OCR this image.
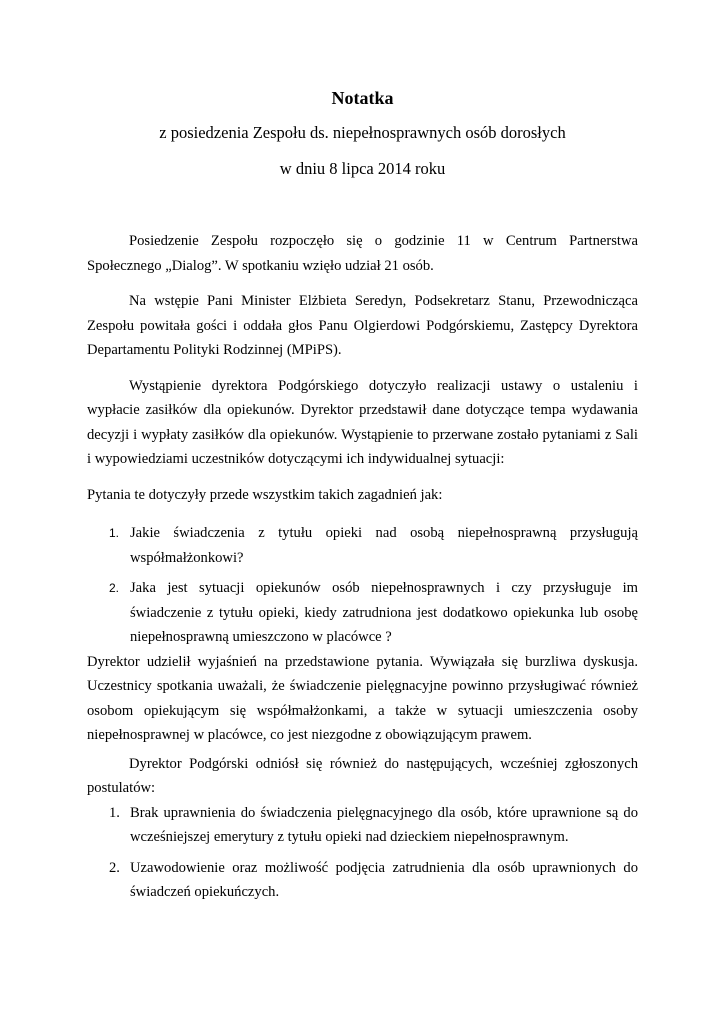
Notatka
z posiedzenia Zespołu ds. niepełnosprawnych osób dorosłych
w dniu 8 lipca 2014 roku

Posiedzenie Zespołu rozpoczęło się o godzinie 11 w Centrum Partnerstwa Społecznego „Dialog”. W spotkaniu wzięło udział 21 osób.

Na wstępie Pani Minister Elżbieta Seredyn, Podsekretarz Stanu, Przewodnicząca Zespołu powitała gości i oddała głos Panu Olgierdowi Podgórskiemu, Zastępcy Dyrektora Departamentu Polityki Rodzinnej (MPiPS).

Wystąpienie dyrektora Podgórskiego dotyczyło realizacji ustawy o ustaleniu i wypłacie zasiłków dla opiekunów. Dyrektor przedstawił dane dotyczące tempa wydawania decyzji i wypłaty zasiłków dla opiekunów. Wystąpienie to przerwane zostało pytaniami z Sali i wypowiedziami uczestników dotyczącymi ich indywidualnej sytuacji:

Pytania te dotyczyły przede wszystkim takich zagadnień jak:

1. Jakie świadczenia z tytułu opieki nad osobą niepełnosprawną przysługują współmałżonkowi?
2. Jaka jest sytuacji opiekunów osób niepełnosprawnych i czy przysługuje im świadczenie z tytułu opieki, kiedy zatrudniona jest dodatkowo opiekunka lub osobę niepełnosprawną umieszczono w placówce ?

Dyrektor udzielił wyjaśnień na przedstawione pytania. Wywiązała się burzliwa dyskusja. Uczestnicy spotkania uważali, że świadczenie pielęgnacyjne powinno przysługiwać również osobom opiekującym się współmałżonkami, a także w sytuacji umieszczenia osoby niepełnosprawnej w placówce, co jest niezgodne z obowiązującym prawem.

Dyrektor Podgórski odniósł się również do następujących, wcześniej zgłoszonych postulatów:

1. Brak uprawnienia do świadczenia pielęgnacyjnego dla osób, które uprawnione są do wcześniejszej emerytury z tytułu opieki nad dzieckiem niepełnosprawnym.
2. Uzawodowienie oraz możliwość podjęcia zatrudnienia dla osób uprawnionych do świadczeń opiekuńczych.
